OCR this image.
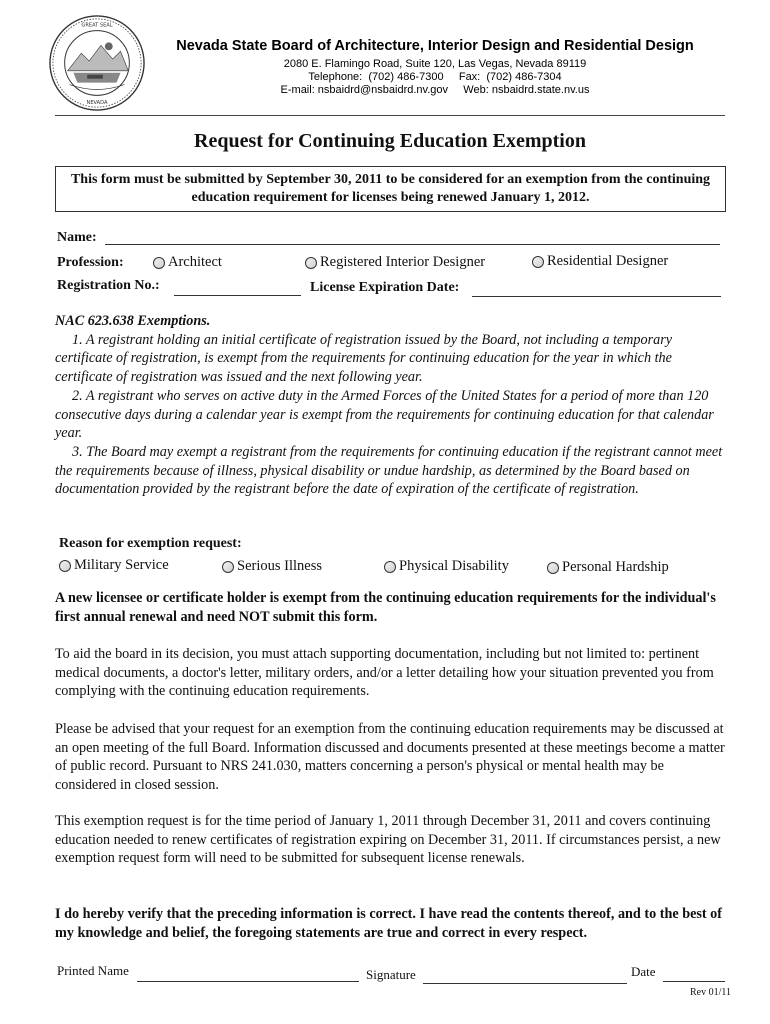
GREAT SEAL
NEVADA
Nevada State Board of Architecture, Interior Design and Residential Design
2080 E. Flamingo Road, Suite 120, Las Vegas, Nevada 89119
Telephone:  (702) 486-7300     Fax:  (702) 486-7304
E-mail: nsbaidrd@nsbaidrd.nv.gov     Web: nsbaidrd.state.nv.us
Request for Continuing Education Exemption
This form must be submitted by September 30, 2011 to be considered for an exemption from the continuing education requirement for licenses being renewed January 1, 2012.
Name:
Profession:	Architect	Registered Interior Designer	Residential Designer
Registration No.:	License Expiration Date:

NAC 623.638 Exemptions.

1. A registrant holding an initial certificate of registration issued by the Board, not including a temporary certificate of registration, is exempt from the requirements for continuing education for the year in which the certificate of registration was issued and the next following year.

2. A registrant who serves on active duty in the Armed Forces of the United States for a period of more than 120 consecutive days during a calendar year is exempt from the requirements for continuing education for that calendar year.

3. The Board may exempt a registrant from the requirements for continuing education if the registrant cannot meet the requirements because of illness, physical disability or undue hardship, as determined by the Board based on documentation provided by the registrant before the date of expiration of the certificate of registration.

Reason for exemption request:
Military Service	Serious Illness	Physical Disability	Personal Hardship
A new licensee or certificate holder is exempt from the continuing education requirements for the individual's first annual renewal and need NOT submit this form.
To aid the board in its decision, you must attach supporting documentation, including but not limited to: pertinent medical documents, a doctor's letter, military orders, and/or a letter detailing how your situation prevented you from complying with the continuing education requirements.
Please be advised that your request for an exemption from the continuing education requirements may be discussed at an open meeting of the full Board. Information discussed and documents presented at these meetings become a matter of public record. Pursuant to NRS 241.030, matters concerning a person's physical or mental health may be considered in closed session.
This exemption request is for the time period of January 1, 2011 through December 31, 2011 and covers continuing education needed to renew certificates of registration expiring on December 31, 2011. If circumstances persist, a new exemption request form will need to be submitted for subsequent license renewals.
I do hereby verify that the preceding information is correct. I have read the contents thereof, and to the best of my knowledge and belief, the foregoing statements are true and correct in every respect.
Printed Name	Signature	Date
Rev 01/11
